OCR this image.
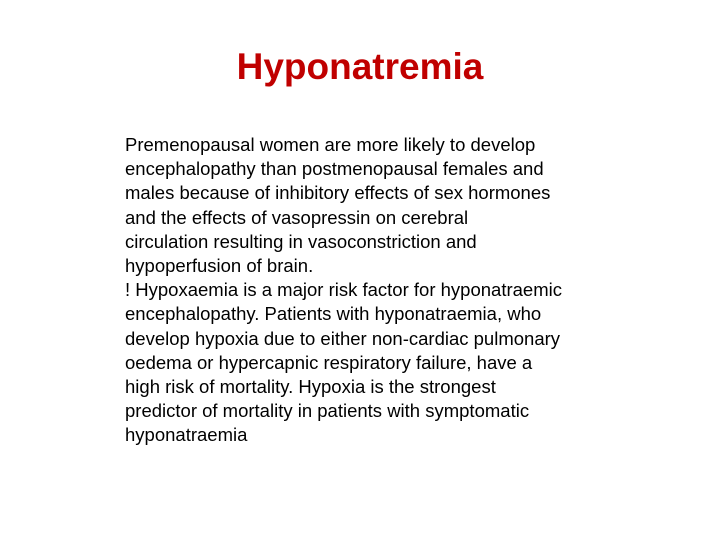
Hyponatremia
Premenopausal women are more likely to develop
encephalopathy than postmenopausal females and
males because of inhibitory effects of sex hormones
and the effects of vasopressin on cerebral
circulation resulting in vasoconstriction and
hypoperfusion of brain.
! Hypoxaemia is a major risk factor for hyponatraemic
encephalopathy. Patients with hyponatraemia, who
develop hypoxia due to either non-cardiac pulmonary
oedema or hypercapnic respiratory failure, have a
high risk of mortality. Hypoxia is the strongest
predictor of mortality in patients with symptomatic
hyponatraemia
